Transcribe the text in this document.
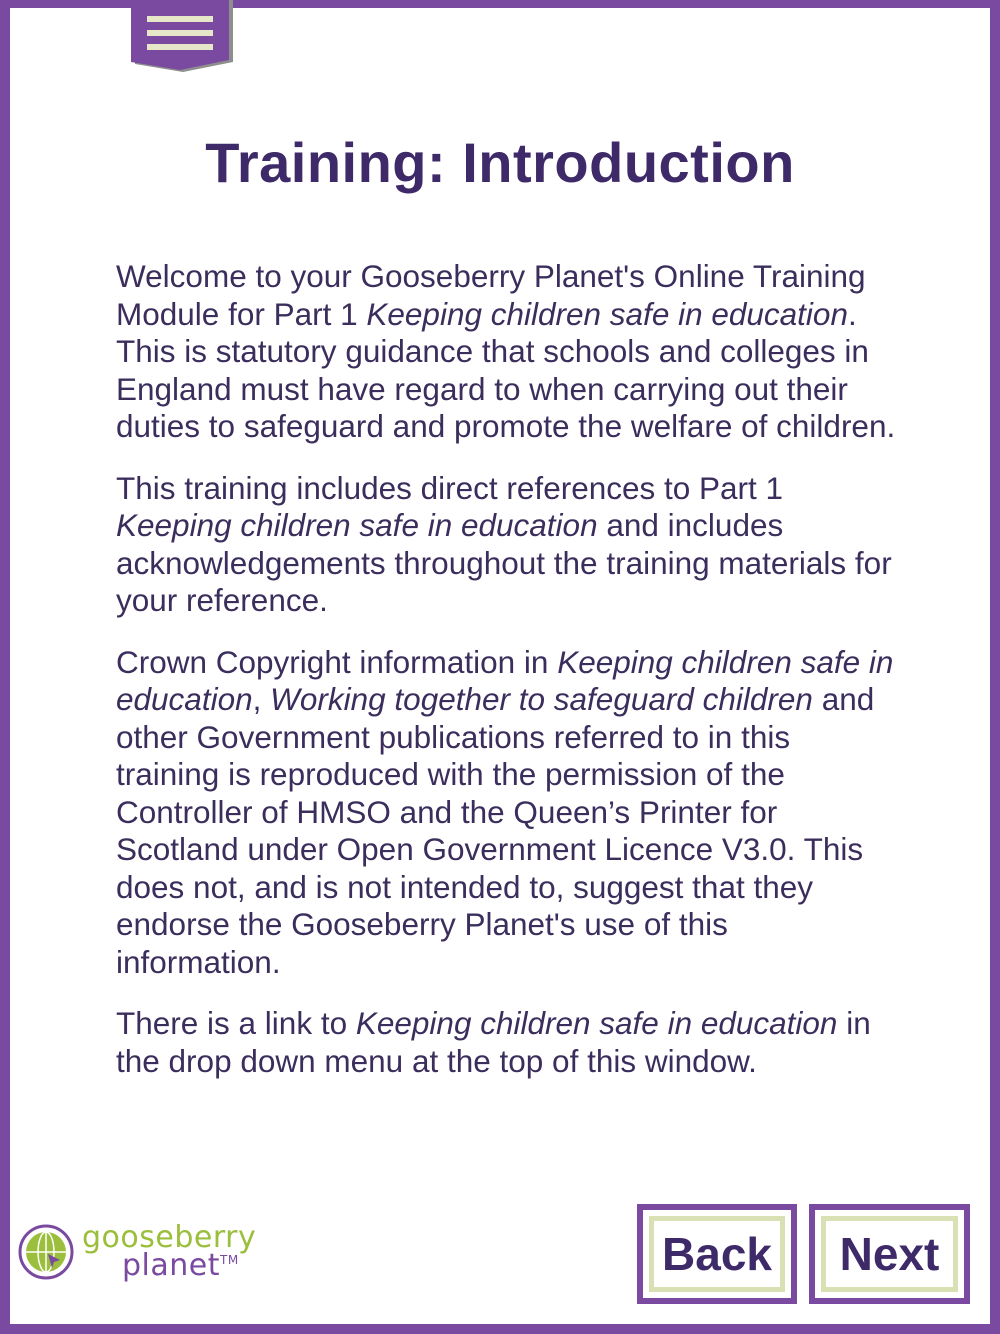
Training: Introduction

Welcome to your Gooseberry Planet's Online Training Module for Part 1 Keeping children safe in education. This is statutory guidance that schools and colleges in England must have regard to when carrying out their duties to safeguard and promote the welfare of children.

This training includes direct references to Part 1 Keeping children safe in education and includes acknowledgements throughout the training materials for your reference.

Crown Copyright information in Keeping children safe in education, Working together to safeguard children and other Government publications referred to in this training is reproduced with the permission of the Controller of HMSO and the Queen’s Printer for Scotland under Open Government Licence V3.0. This does not, and is not intended to, suggest that they endorse the Gooseberry Planet's use of this information.

There is a link to Keeping children safe in education in the drop down menu at the top of this window.

gooseberry
planet™	Back	Next
